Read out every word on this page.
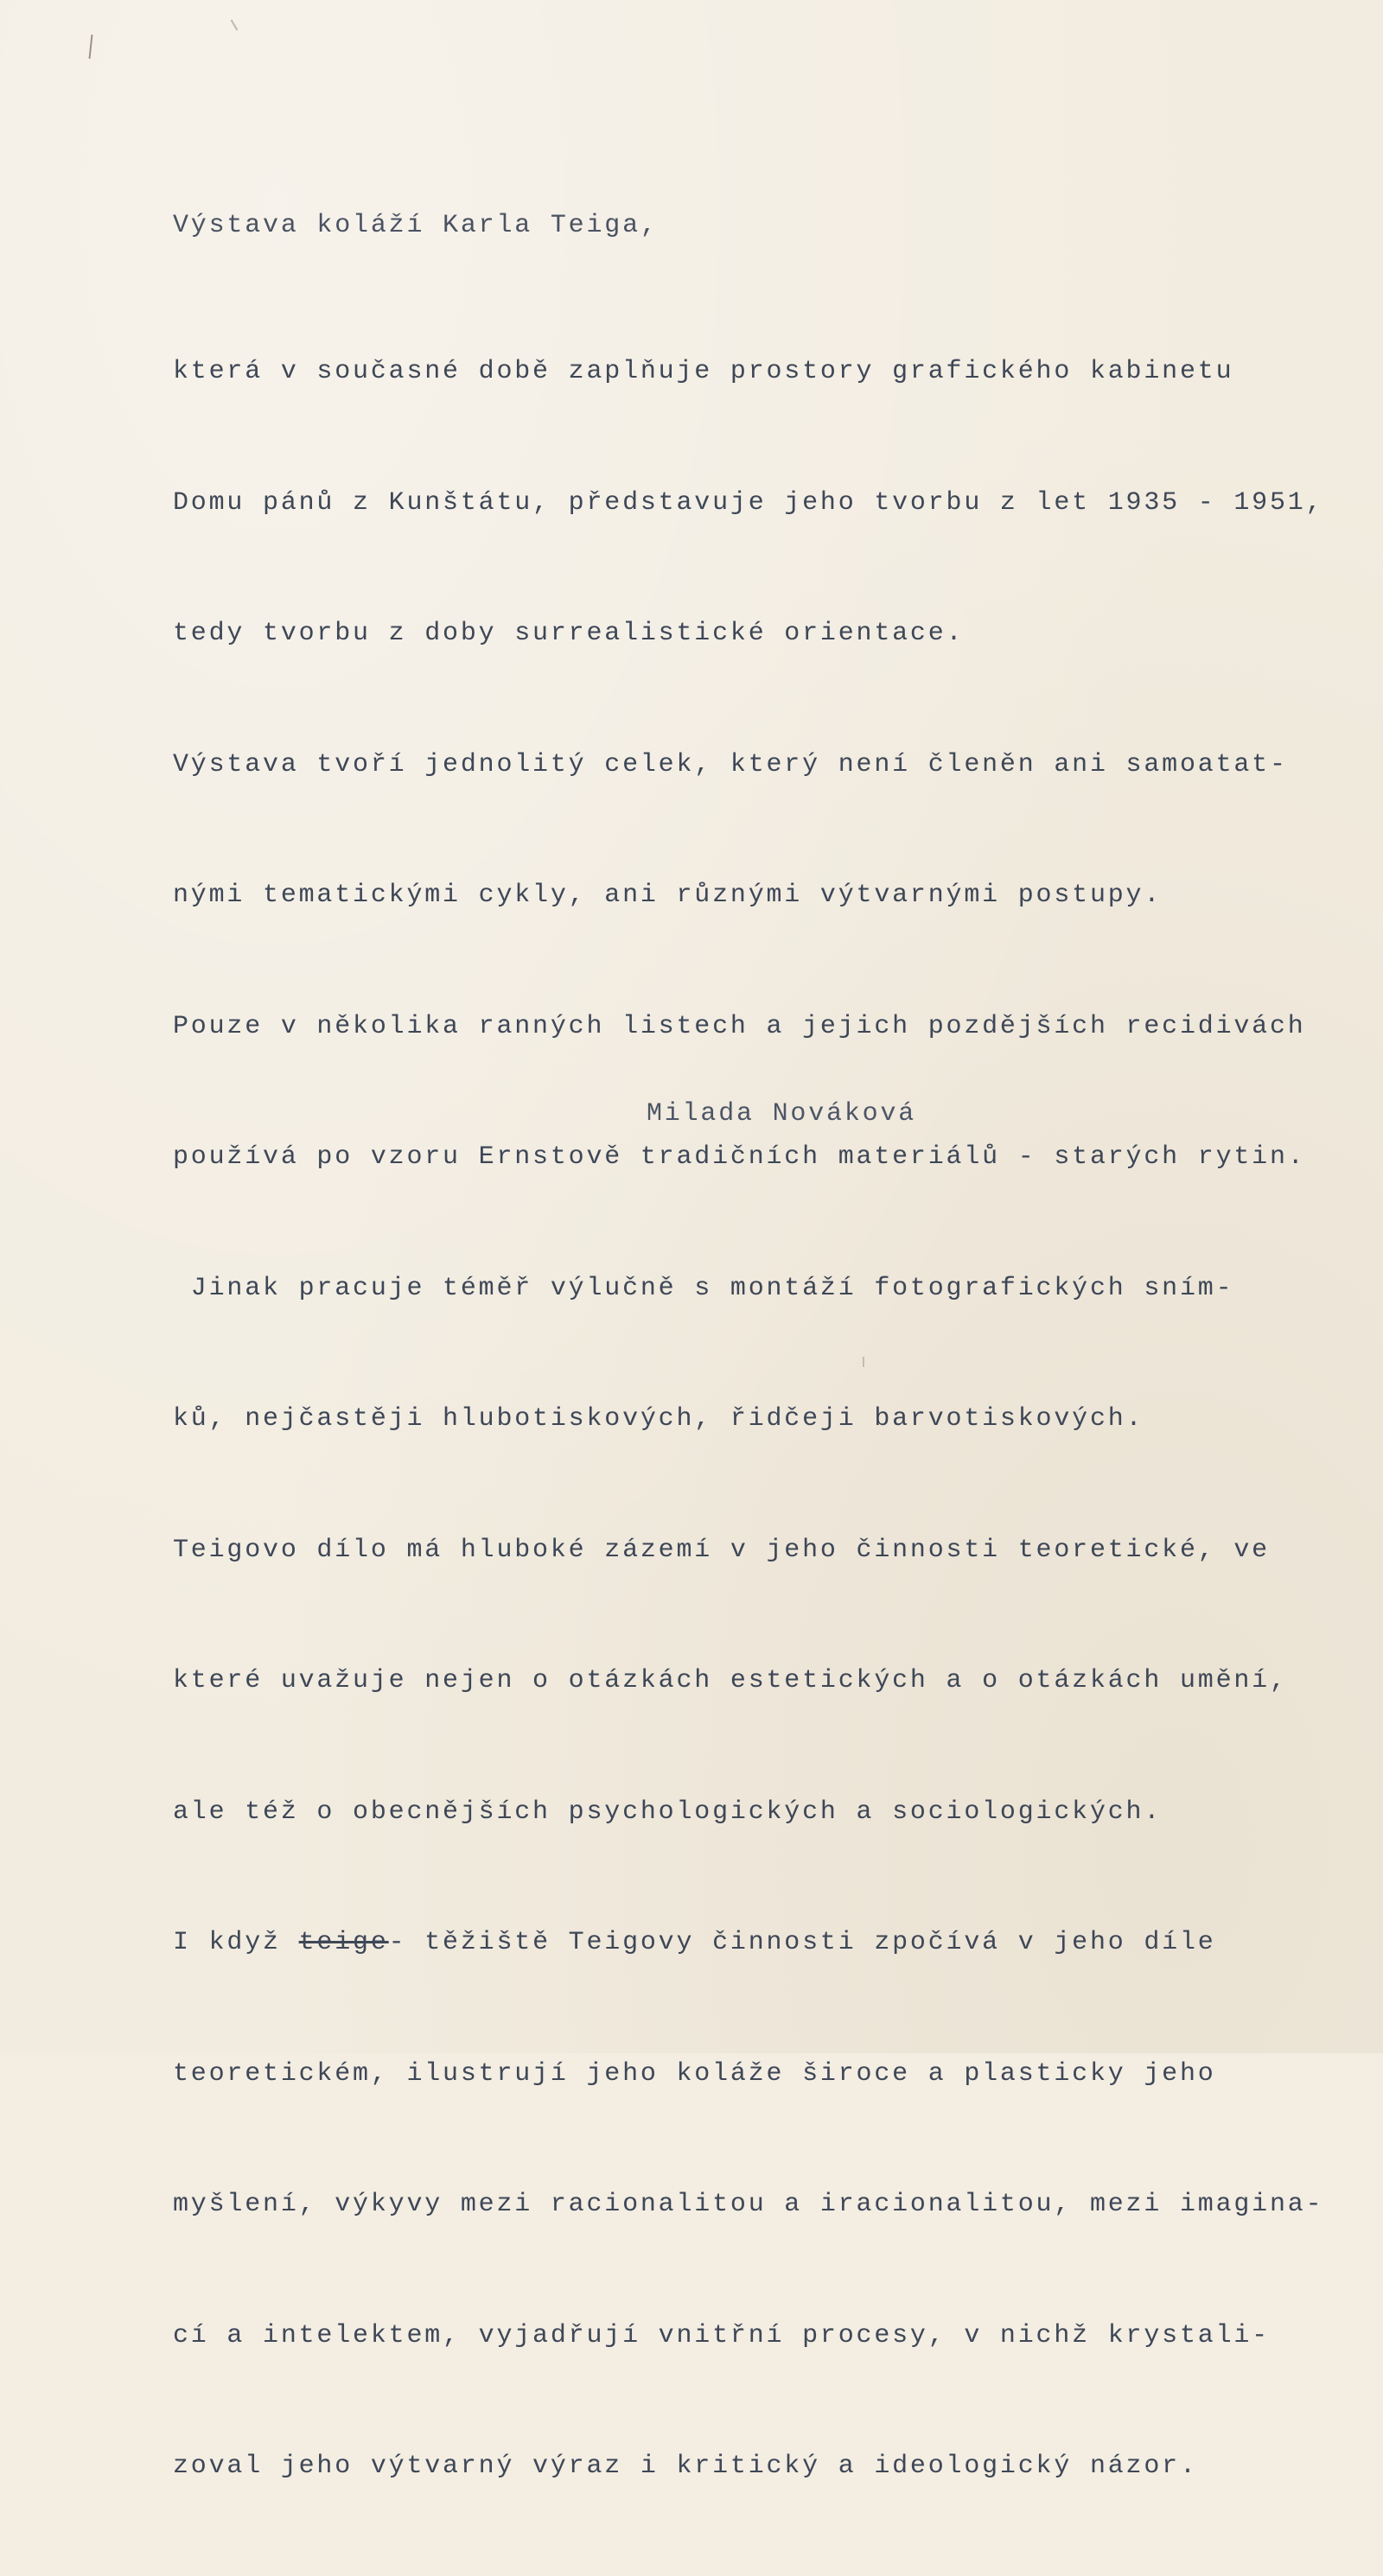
Výstava koláží Karla Teiga,

která v současné době zaplňuje prostory grafického kabinetu

Domu pánů z Kunštátu, představuje jeho tvorbu z let 1935 - 1951,

tedy tvorbu z doby surrealistické orientace.

Výstava tvoří jednolitý celek, který není členěn ani samoatat-

nými tematickými cykly, ani různými výtvarnými postupy.

Pouze v několika ranných listech a jejich pozdějších recidivách

používá po vzoru Ernstově tradičních materiálů - starých rytin.

Jinak pracuje téměř výlučně s montáží fotografických sním-

ků, nejčastěji hlubotiskových, řidčeji barvotiskových.

Teigovo dílo má hluboké zázemí v jeho činnosti teoretické, ve

které uvažuje nejen o otázkách estetických a o otázkách umění,

ale též o obecnějších psychologických a sociologických.

I když teige- těžiště Teigovy činnosti zpočívá v jeho díle

teoretickém, ilustrují jeho koláže široce a plasticky jeho

myšlení, výkyvy mezi racionalitou a iracionalitou, mezi imagina-

cí a intelektem, vyjadřují vnitřní procesy, v nichž krystali-

zoval jeho výtvarný výraz i kritický a ideologický názor.

Milada Nováková
